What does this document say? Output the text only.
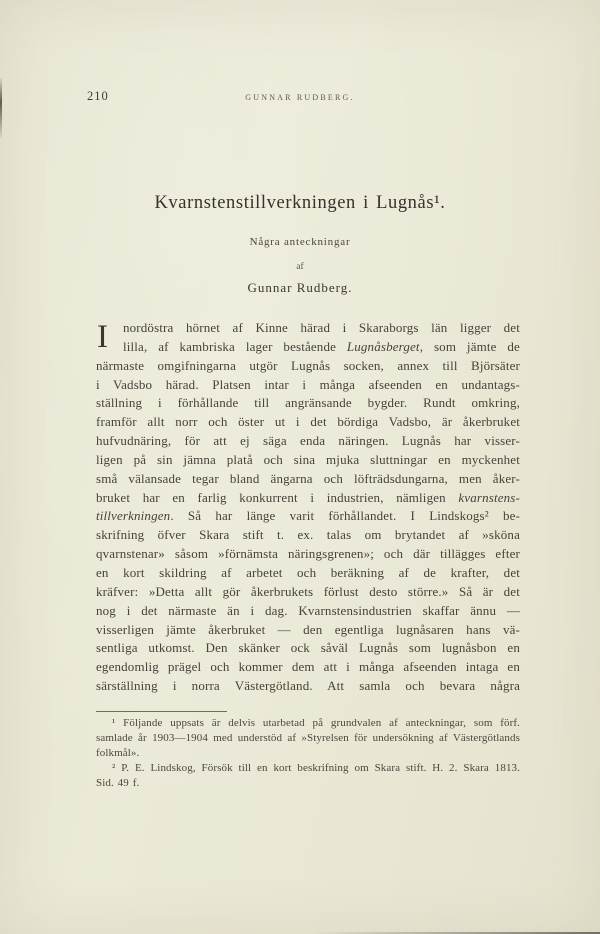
210	GUNNAR RUDBERG.
Kvarnstenstillverkningen i Lugnås¹.
Några anteckningar
af
Gunnar Rudberg.
I	nordöstra hörnet af Kinne härad i Skaraborgs län ligger det
lilla, af kambriska lager bestående Lugnåsberget, som jämte de
närmaste omgifningarna utgör Lugnås socken, annex till Björsäter
i Vadsbo härad. Platsen intar i många afseenden en undantags-
ställning i förhållande till angränsande bygder. Rundt omkring,
framför allt norr och öster ut i det bördiga Vadsbo, är åkerbruket
hufvudnäring, för att ej säga enda näringen. Lugnås har visser-
ligen på sin jämna platå och sina mjuka sluttningar en myckenhet
små välansade tegar bland ängarna och löfträdsdungarna, men åker-
bruket har en farlig konkurrent i industrien, nämligen kvarnstens-
tillverkningen. Så har länge varit förhållandet. I Lindskogs² be-
skrifning öfver Skara stift t. ex. talas om brytandet af »sköna
qvarnstenar» såsom »förnämsta näringsgrenen»; och där tillägges efter
en kort skildring af arbetet och beräkning af de krafter, det
kräfver: »Detta allt gör åkerbrukets förlust desto större.» Så är det
nog i det närmaste än i dag. Kvarnstensindustrien skaffar ännu —
visserligen jämte åkerbruket — den egentliga lugnåsaren hans vä-
sentliga utkomst. Den skänker ock såväl Lugnås som lugnåsbon en
egendomlig prägel och kommer dem att i många afseenden intaga en
särställning i norra Västergötland. Att samla och bevara några
¹ Följande uppsats är delvis utarbetad på grundvalen af anteckningar, som förf.
samlade år 1903—1904 med understöd af »Styrelsen för undersökning af Västergötlands
folkmål».
² P. E. Lindskog, Försök till en kort beskrifning om Skara stift. H. 2. Skara 1813.
Sid. 49 f.
